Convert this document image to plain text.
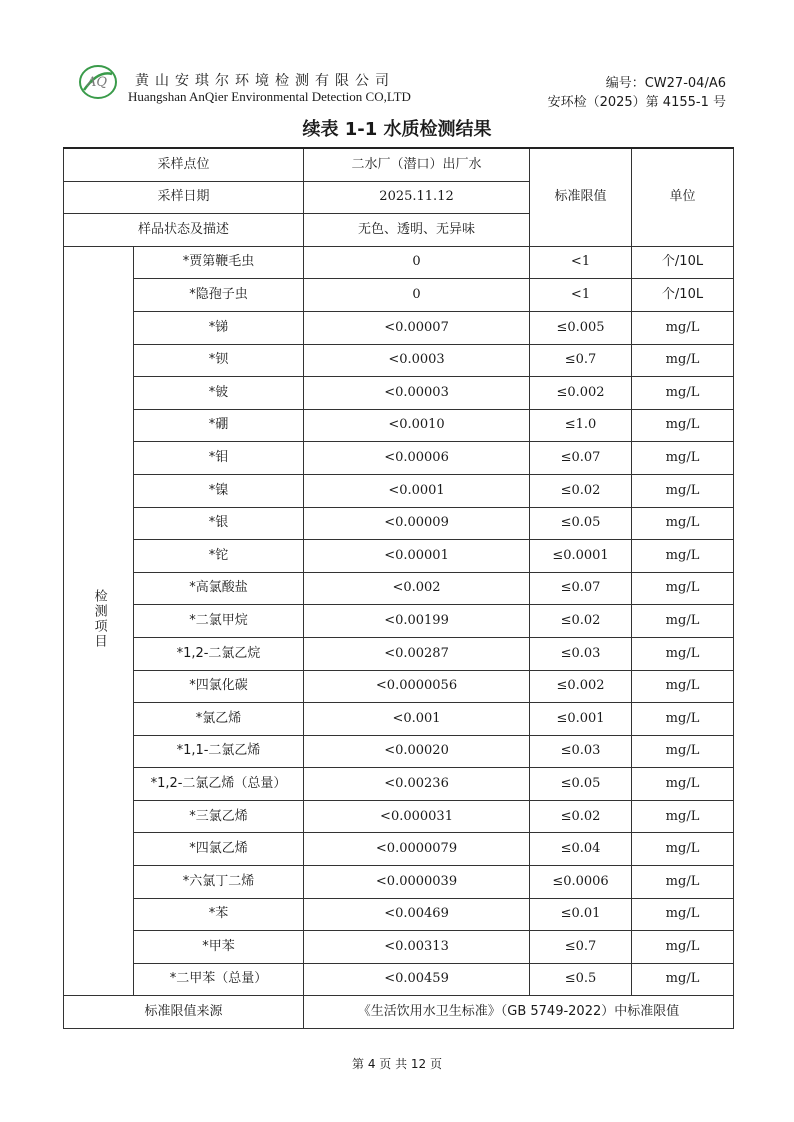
AQ 黄山安琪尔环境检测有限公司
Huangshan AnQier Environmental Detection CO,LTD
编号：CW27-04/A6
安环检（2025）第 4155-1 号
续表 1-1 水质检测结果
采样点位		二水厂（潜口）出厂水	标准限值	单位
采样日期		2025.11.12		
样品状态及描述		无色、透明、无异味		
检测项目	*贾第鞭毛虫	0	<1	个/10L
	*隐孢子虫	0	<1	个/10L
	*锑	<0.00007	≤0.005	mg/L
	*钡	<0.0003	≤0.7	mg/L
	*铍	<0.00003	≤0.002	mg/L
	*硼	<0.0010	≤1.0	mg/L
	*钼	<0.00006	≤0.07	mg/L
	*镍	<0.0001	≤0.02	mg/L
	*银	<0.00009	≤0.05	mg/L
	*铊	<0.00001	≤0.0001	mg/L
	*高氯酸盐	<0.002	≤0.07	mg/L
	*二氯甲烷	<0.00199	≤0.02	mg/L
	*1,2-二氯乙烷	<0.00287	≤0.03	mg/L
	*四氯化碳	<0.0000056	≤0.002	mg/L
	*氯乙烯	<0.001	≤0.001	mg/L
	*1,1-二氯乙烯	<0.00020	≤0.03	mg/L
	*1,2-二氯乙烯（总量）	<0.00236	≤0.05	mg/L
	*三氯乙烯	<0.000031	≤0.02	mg/L
	*四氯乙烯	<0.0000079	≤0.04	mg/L
	*六氯丁二烯	<0.0000039	≤0.0006	mg/L
	*苯	<0.00469	≤0.01	mg/L
	*甲苯	<0.00313	≤0.7	mg/L
	*二甲苯（总量）	<0.00459	≤0.5	mg/L
标准限值来源		《生活饮用水卫生标准》（GB 5749-2022）中标准限值		
第 4 页 共 12 页
